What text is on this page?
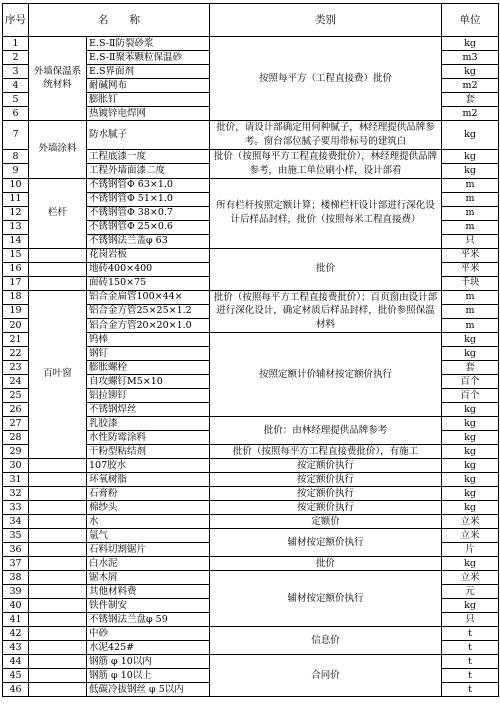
序号	名　　称		类别	单位
1	外墙保温系统材料	E.S-Ⅱ防裂砂浆	按照每平方（工程直接费）批价	kg
2		E.S-Ⅱ聚苯颗粒保温砂		m3
3		E.S界面剂		kg
4		耐碱网布		m2
5		膨胀钉		套
6		热镀锌电焊网		m2
7	外墙涂料	防水腻子	批价，请设计部确定用何种腻子，林经理提供品牌参考。窗台部位腻子要用带标号的建筑白	kg
8		工程底漆一度	批价（按照每平方工程直接费批价），林经理提供品牌参考，由施工单位刷小样，设计部看	kg
9		工程外墙面漆二度		kg
10	栏杆	不锈钢管Φ 63×1.0	所有栏杆按照定额计算；楼梯栏杆设计部进行深化设计后样品封样，批价（按照每米工程直接费）	m
11		不锈钢管Φ 51×1.0		m
12		不锈钢管Φ 38×0.7		m
13		不锈钢管Φ 25×0.6		m
14		不锈钢法兰盖φ 63		只
15		花岗岩板	批价	平米
16		地砖400×400		平米
17		面砖150×75		千块
18	百叶窗	铝合金扁管100×44×	批价（按照每平方工程直接费批价）；百页窗由设计部进行深化设计，确定材质后样品封样，批价参照保温材料	m
19		铝合金方管25×25×1.2		m
20		铝合金方管20×20×1.0		m
21		钨棒	按照定额计价辅材按定额价执行	kg
22		钢钉		kg
23		膨胀螺栓		套
24		自攻螺钉M5×10		百个
25		铝拉铆钉		百个
26		不锈钢焊丝		kg
27		乳胶漆	批价：由林经理提供品牌参考	kg
28		水性防霉涂料		kg
29		干粉型粘结剂	批价（按照每平方工程直接费批价），有施工	kg
30		107胶水	按定额价执行	kg
31		环氧树脂	按定额价执行	kg
32		石膏粉	按定额价执行	kg
33		棉纱头	按定额价执行	kg
34		水	定额价	立米
35		氩气	辅材按定额价执行	立米
36		石料切割锯片		片
37		白水泥	批价	kg
38		锯木屑	辅材按定额价执行	立米
39		其他材料费		元
40		铁件制安		kg
41		不锈钢法兰盘φ 59		只
42		中砂	信息价	t
43		水泥425#		t
44		钢筋 φ 10以内	合同价	t
45		钢筋 φ 10以上		t
46		低碳冷拔钢丝 φ 5以内		t
